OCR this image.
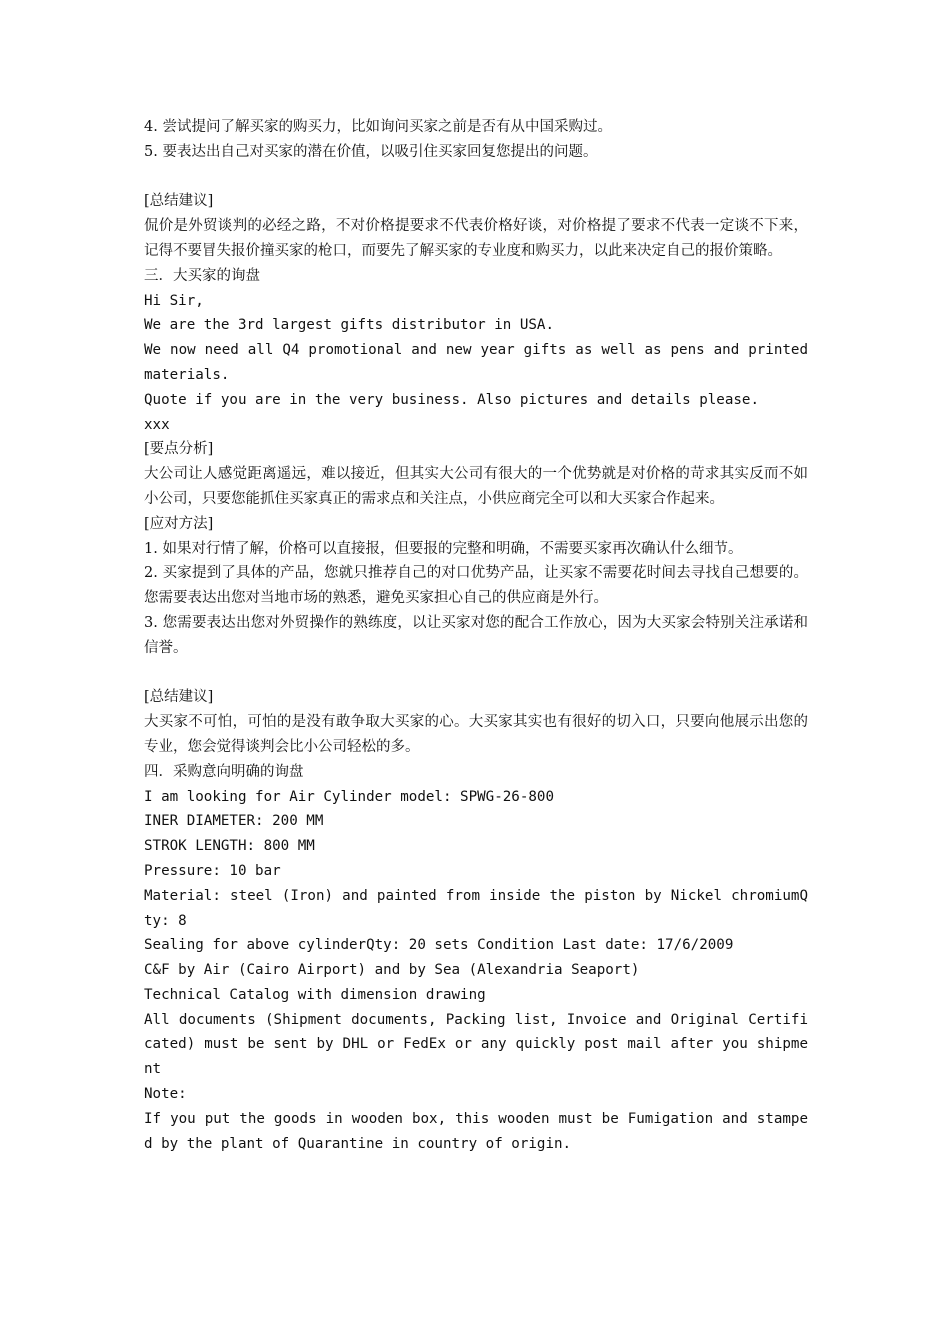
4. 尝试提问了解买家的购买力，比如询问买家之前是否有从中国采购过。

5. 要表达出自己对买家的潜在价值，以吸引住买家回复您提出的问题。

[总结建议]

侃价是外贸谈判的必经之路，不对价格提要求不代表价格好谈，对价格提了要求不代表一定谈不下来，记得不要冒失报价撞买家的枪口，而要先了解买家的专业度和购买力，以此来决定自己的报价策略。

三．大买家的询盘

Hi Sir,

We are the 3rd largest gifts distributor in USA.

We now need all Q4 promotional and new year gifts as well as pens and printed materials.

Quote if you are in the very business. Also pictures and details please.

xxx

[要点分析]

大公司让人感觉距离遥远，难以接近，但其实大公司有很大的一个优势就是对价格的苛求其实反而不如小公司，只要您能抓住买家真正的需求点和关注点，小供应商完全可以和大买家合作起来。

[应对方法]

1. 如果对行情了解，价格可以直接报，但要报的完整和明确，不需要买家再次确认什么细节。

2. 买家提到了具体的产品，您就只推荐自己的对口优势产品，让买家不需要花时间去寻找自己想要的。您需要表达出您对当地市场的熟悉，避免买家担心自己的供应商是外行。

3. 您需要表达出您对外贸操作的熟练度，以让买家对您的配合工作放心，因为大买家会特别关注承诺和信誉。

[总结建议]

大买家不可怕，可怕的是没有敢争取大买家的心。大买家其实也有很好的切入口，只要向他展示出您的专业，您会觉得谈判会比小公司轻松的多。

四．采购意向明确的询盘

I am looking for Air Cylinder model: SPWG-26-800

INER DIAMETER: 200 MM

STROK LENGTH: 800 MM

Pressure: 10 bar

Material: steel (Iron) and painted from inside the piston by Nickel chromiumQty: 8

Sealing for above cylinderQty: 20 sets Condition Last date: 17/6/2009

C&F by Air (Cairo Airport) and by Sea (Alexandria Seaport)

Technical Catalog with dimension drawing

All documents (Shipment documents, Packing list, Invoice and Original Certificated) must be sent by DHL or FedEx or any quickly post mail after you shipment

Note:

If you put the goods in wooden box, this wooden must be Fumigation and stamped by the plant of Quarantine in country of origin.
